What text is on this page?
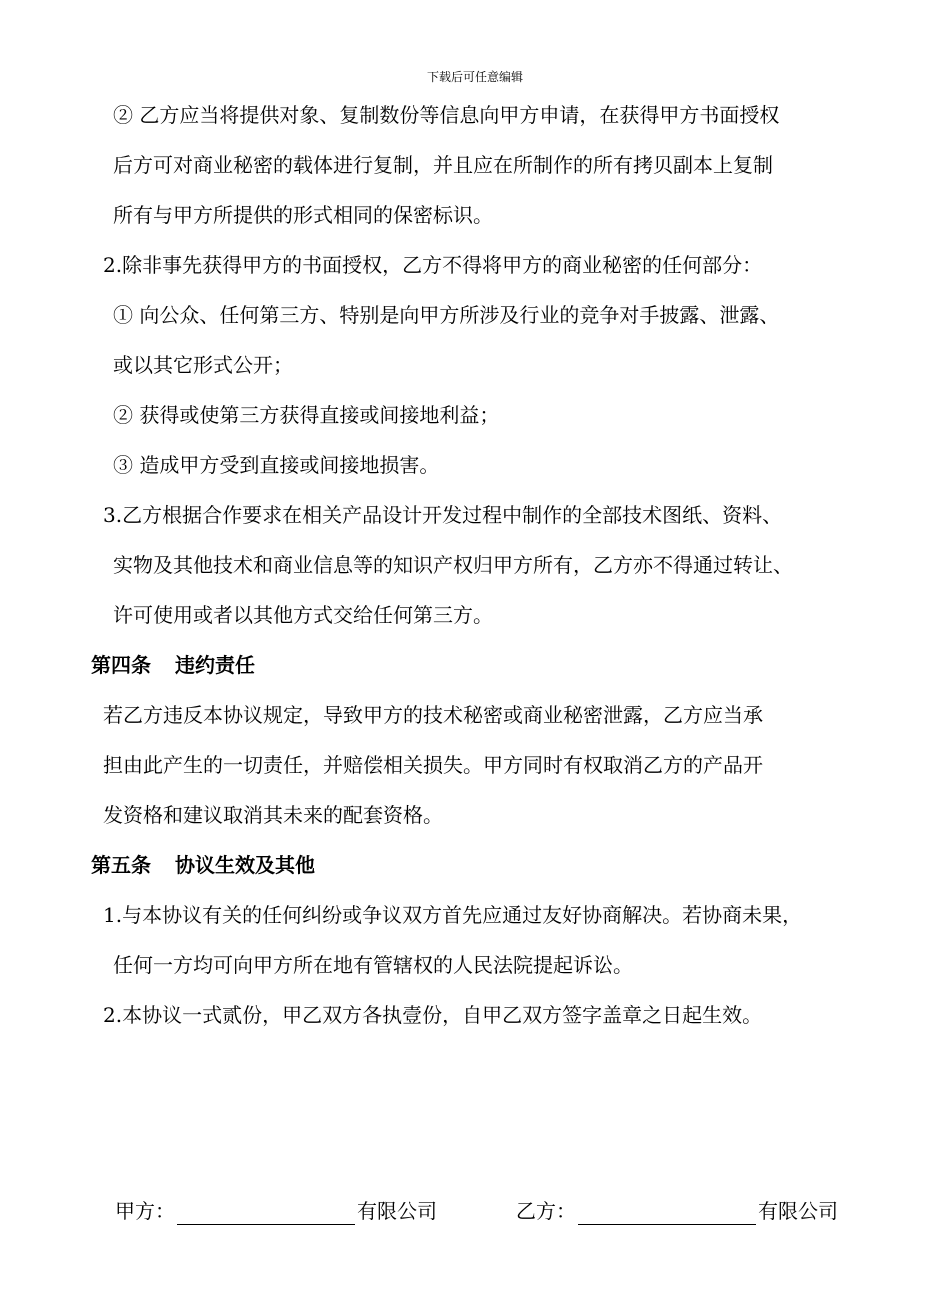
下载后可任意编辑
② 乙方应当将提供对象、复制数份等信息向甲方申请，在获得甲方书面授权
后方可对商业秘密的载体进行复制，并且应在所制作的所有拷贝副本上复制
所有与甲方所提供的形式相同的保密标识。
2.除非事先获得甲方的书面授权，乙方不得将甲方的商业秘密的任何部分：
① 向公众、任何第三方、特别是向甲方所涉及行业的竞争对手披露、泄露、
或以其它形式公开；
② 获得或使第三方获得直接或间接地利益；
③ 造成甲方受到直接或间接地损害。
3.乙方根据合作要求在相关产品设计开发过程中制作的全部技术图纸、资料、
实物及其他技术和商业信息等的知识产权归甲方所有，乙方亦不得通过转让、
许可使用或者以其他方式交给任何第三方。
第四条 违约责任
若乙方违反本协议规定，导致甲方的技术秘密或商业秘密泄露，乙方应当承
担由此产生的一切责任，并赔偿相关损失。甲方同时有权取消乙方的产品开
发资格和建议取消其未来的配套资格。
第五条 协议生效及其他
1.与本协议有关的任何纠纷或争议双方首先应通过友好协商解决。若协商未果，
任何一方均可向甲方所在地有管辖权的人民法院提起诉讼。
2.本协议一式贰份，甲乙双方各执壹份，自甲乙双方签字盖章之日起生效。
甲方：	有限公司	乙方：	有限公司
